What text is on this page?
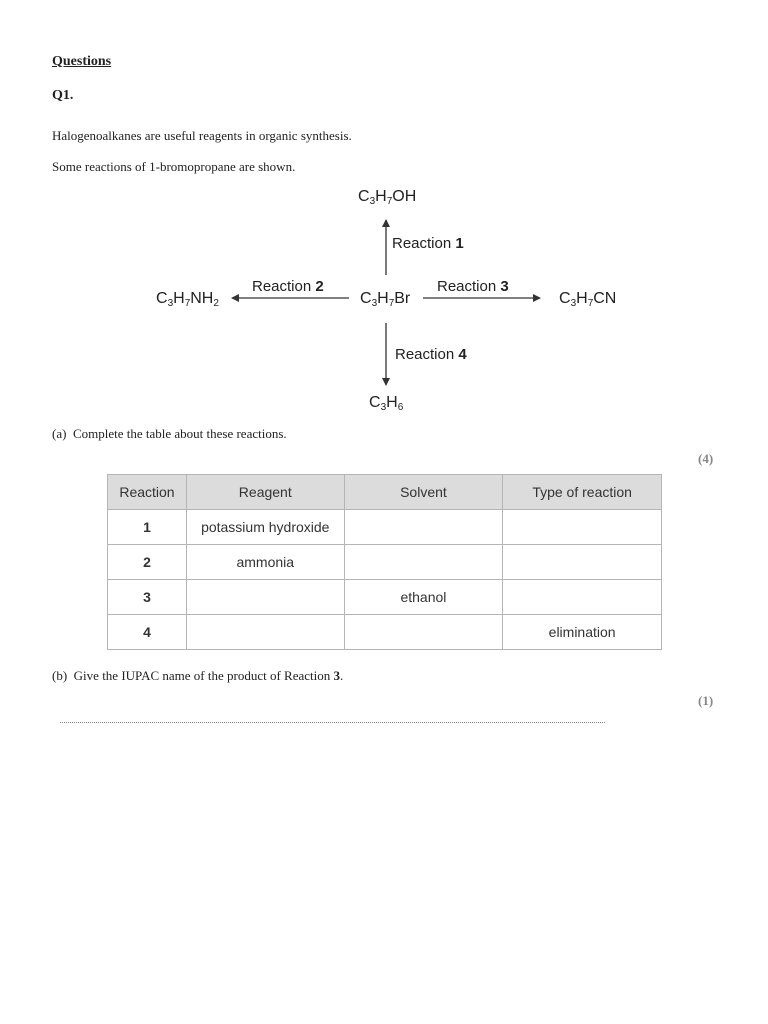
Questions
Q1.
Halogenoalkanes are useful reagents in organic synthesis.
Some reactions of 1-bromopropane are shown.
$C_3H_7OH$
$C_3H_7Br$
$C_3H_7NH_2$	$C_3H_7CN$
$C_3H_6$
Reaction 1
Reaction 2	Reaction 3
Reaction 4
(a) Complete the table about these reactions.
(4)
Reaction	Reagent	Solvent	Type of reaction
1	potassium hydroxide		
2	ammonia		
3		ethanol	
4			elimination
(b) Give the IUPAC name of the product of Reaction 3.
(1)
